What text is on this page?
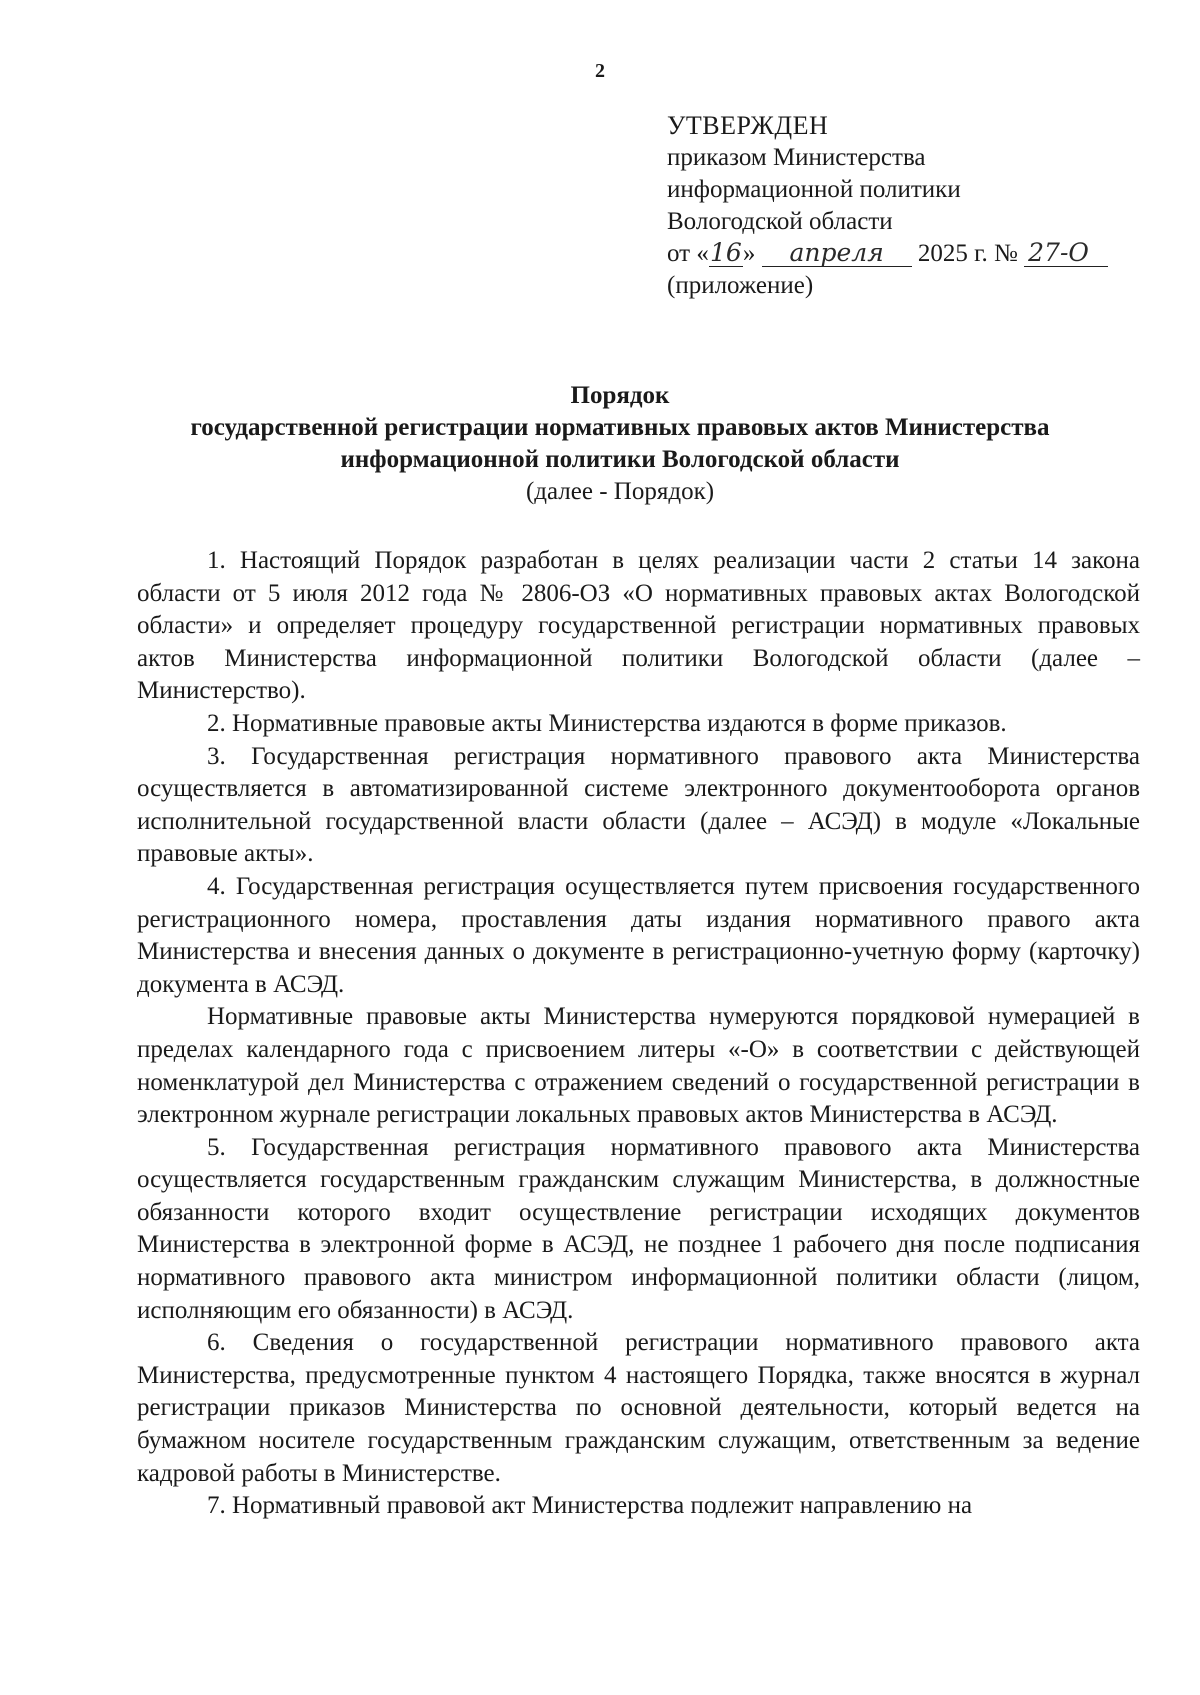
2
УТВЕРЖДЕН
приказом Министерства
информационной политики
Вологодской области
от «16» апреля 2025 г. № 27-О
(приложение)
Порядок
государственной регистрации нормативных правовых актов Министерства
информационной политики Вологодской области
(далее - Порядок)

1. Настоящий Порядок разработан в целях реализации части 2 статьи 14 закона области от 5 июля 2012 года № 2806-ОЗ «О нормативных правовых актах Вологодской области» и определяет процедуру государственной регистрации нормативных правовых актов Министерства информационной политики Вологодской области (далее – Министерство).

2. Нормативные правовые акты Министерства издаются в форме приказов.

3. Государственная регистрация нормативного правового акта Министерства осуществляется в автоматизированной системе электронного документооборота органов исполнительной государственной власти области (далее – АСЭД) в модуле «Локальные правовые акты».

4. Государственная регистрация осуществляется путем присвоения государственного регистрационного номера, проставления даты издания нормативного правого акта Министерства и внесения данных о документе в регистрационно-учетную форму (карточку) документа в АСЭД.

Нормативные правовые акты Министерства нумеруются порядковой нумерацией в пределах календарного года с присвоением литеры «-О» в соответствии с действующей номенклатурой дел Министерства с отражением сведений о государственной регистрации в электронном журнале регистрации локальных правовых актов Министерства в АСЭД.

5. Государственная регистрация нормативного правового акта Министерства осуществляется государственным гражданским служащим Министерства, в должностные обязанности которого входит осуществление регистрации исходящих документов Министерства в электронной форме в АСЭД, не позднее 1 рабочего дня после подписания нормативного правового акта министром информационной политики области (лицом, исполняющим его обязанности) в АСЭД.

6. Сведения о государственной регистрации нормативного правового акта Министерства, предусмотренные пунктом 4 настоящего Порядка, также вносятся в журнал регистрации приказов Министерства по основной деятельности, который ведется на бумажном носителе государственным гражданским служащим, ответственным за ведение кадровой работы в Министерстве.

7. Нормативный правовой акт Министерства подлежит направлению на
